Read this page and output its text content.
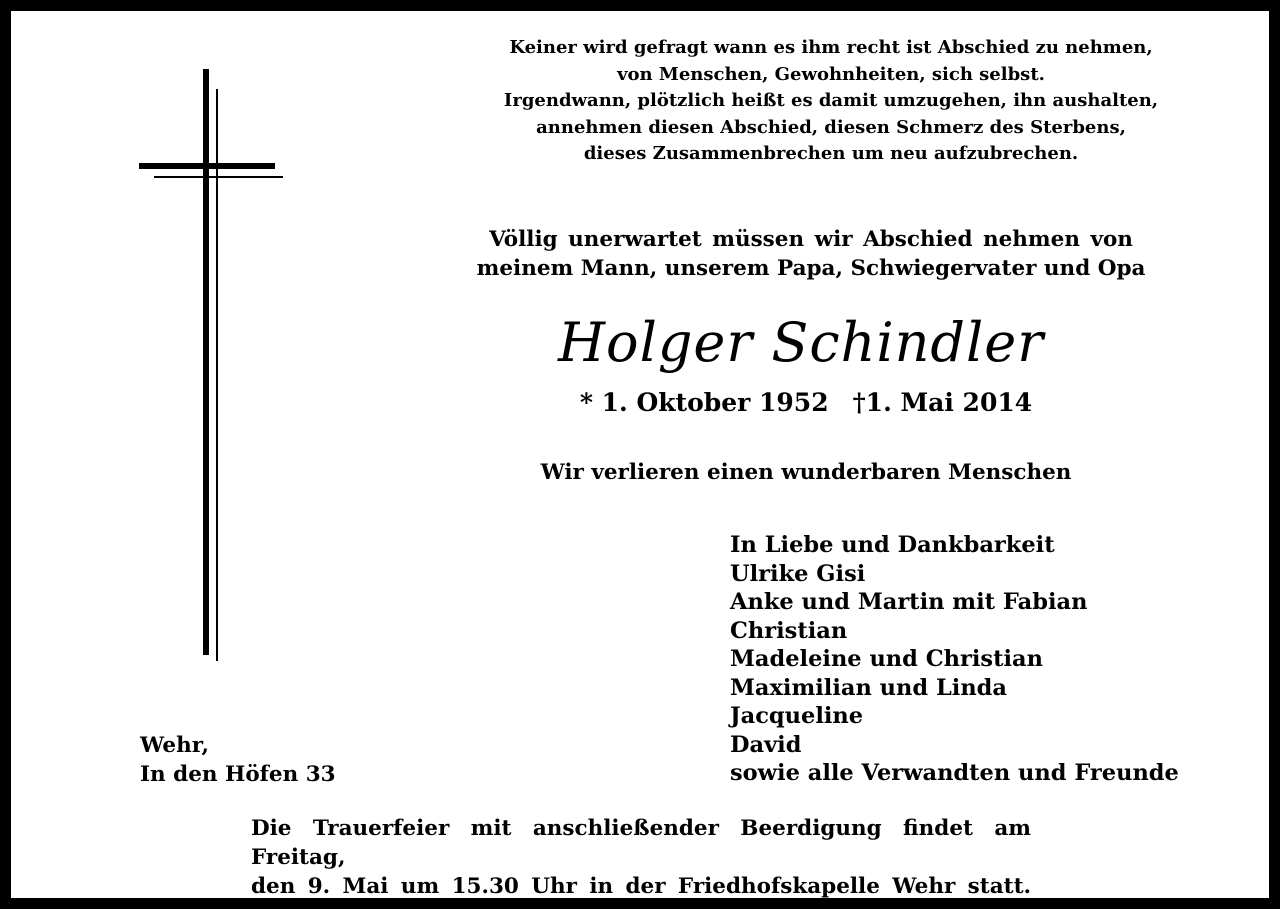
Keiner wird gefragt wann es ihm recht ist Abschied zu nehmen,
von Menschen, Gewohnheiten, sich selbst.
Irgendwann, plötzlich heißt es damit umzugehen, ihn aushalten,
annehmen diesen Abschied, diesen Schmerz des Sterbens,
dieses Zusammenbrechen um neu aufzubrechen.
Völlig unerwartet müssen wir Abschied nehmen von
meinem Mann, unserem Papa, Schwiegervater und Opa
Holger Schindler
* 1. Oktober 1952 †1. Mai 2014
Wir verlieren einen wunderbaren Menschen
In Liebe und Dankbarkeit
Ulrike Gisi
Anke und Martin mit Fabian
Christian
Madeleine und Christian
Maximilian und Linda
Jacqueline
David
sowie alle Verwandten und Freunde
Wehr,
In den Höfen 33
Die Trauerfeier mit anschließender Beerdigung findet am Freitag,
den 9. Mai um 15.30 Uhr in der Friedhofskapelle Wehr statt.
